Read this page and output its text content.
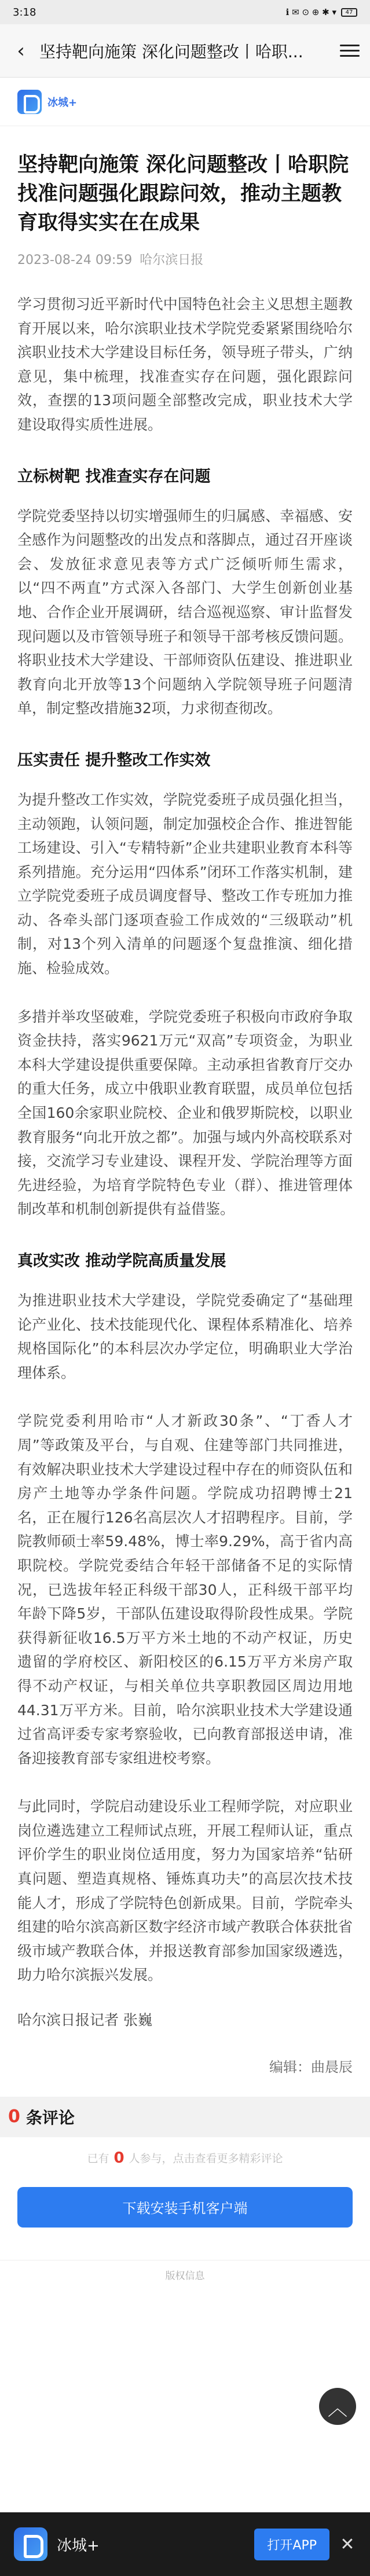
3:18	ℹ ✉ ⊙ ⊕ ✱ ▾	47
‹ 坚持靶向施策 深化问题整改丨哈职...
冰城+
坚持靶向施策 深化问题整改丨哈职院找准问题强化跟踪问效，推动主题教育取得实实在在成果
2023-08-24 09:59 哈尔滨日报

学习贯彻习近平新时代中国特色社会主义思想主题教育开展以来，哈尔滨职业技术学院党委紧紧围绕哈尔滨职业技术大学建设目标任务，领导班子带头，广纳意见，集中梳理，找准查实存在问题，强化跟踪问效，查摆的13项问题全部整改完成，职业技术大学建设取得实质性进展。

立标树靶 找准查实存在问题

学院党委坚持以切实增强师生的归属感、幸福感、安全感作为问题整改的出发点和落脚点，通过召开座谈会、发放征求意见表等方式广泛倾听师生需求，以“四不两直”方式深入各部门、大学生创新创业基地、合作企业开展调研，结合巡视巡察、审计监督发现问题以及市管领导班子和领导干部考核反馈问题。将职业技术大学建设、干部师资队伍建设、推进职业教育向北开放等13个问题纳入学院领导班子问题清单，制定整改措施32项，力求彻查彻改。

压实责任 提升整改工作实效

为提升整改工作实效，学院党委班子成员强化担当，主动领跑，认领问题，制定加强校企合作、推进智能工场建设、引入“专精特新”企业共建职业教育本科等系列措施。充分运用“四体系”闭环工作落实机制，建立学院党委班子成员调度督导、整改工作专班加力推动、各牵头部门逐项查验工作成效的“三级联动”机制，对13个列入清单的问题逐个复盘推演、细化措施、检验成效。

多措并举攻坚破难，学院党委班子积极向市政府争取资金扶持，落实9621万元“双高”专项资金，为职业本科大学建设提供重要保障。主动承担省教育厅交办的重大任务，成立中俄职业教育联盟，成员单位包括全国160余家职业院校、企业和俄罗斯院校，以职业教育服务“向北开放之都”。加强与域内外高校联系对接，交流学习专业建设、课程开发、学院治理等方面先进经验，为培育学院特色专业（群）、推进管理体制改革和机制创新提供有益借鉴。

真改实改 推动学院高质量发展

为推进职业技术大学建设，学院党委确定了“基础理论产业化、技术技能现代化、课程体系精准化、培养规格国际化”的本科层次办学定位，明确职业大学治理体系。

学院党委利用哈市“人才新政30条”、“丁香人才周”等政策及平台，与自观、住建等部门共同推进，有效解决职业技术大学建设过程中存在的师资队伍和房产土地等办学条件问题。学院成功招聘博士21名，正在履行126名高层次人才招聘程序。目前，学院教师硕士率59.48%，博士率9.29%，高于省内高职院校。学院党委结合年轻干部储备不足的实际情况，已选拔年轻正科级干部30人，正科级干部平均年龄下降5岁，干部队伍建设取得阶段性成果。学院获得新征收16.5万平方米土地的不动产权证，历史遗留的学府校区、新阳校区的6.15万平方米房产取得不动产权证，与相关单位共享职教园区周边用地44.31万平方米。目前，哈尔滨职业技术大学建设通过省高评委专家考察验收，已向教育部报送申请，准备迎接教育部专家组进校考察。

与此同时，学院启动建设乐业工程师学院，对应职业岗位遴选建立工程师试点班，开展工程师认证，重点评价学生的职业岗位适用度，努力为国家培养“钻研真问题、塑造真规格、锤炼真功夫”的高层次技术技能人才，形成了学院特色创新成果。目前，学院牵头组建的哈尔滨高新区数字经济市域产教联合体获批省级市域产教联合体，并报送教育部参加国家级遴选，助力哈尔滨振兴发展。

哈尔滨日报记者 张巍

编辑：曲晨辰
0 条评论
已有 0 人参与，点击查看更多精彩评论
下载安装手机客户端
版权信息
︿
冰城+	打开APP	✕
